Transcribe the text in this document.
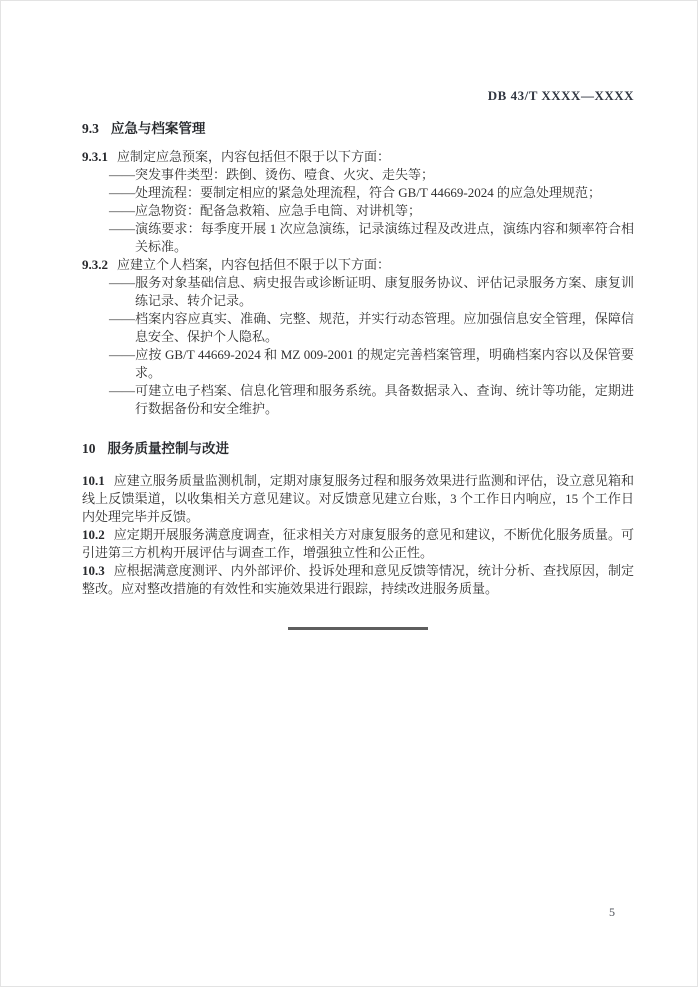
DB 43/T XXXX—XXXX
9.3 应急与档案管理
9.3.1 应制定应急预案，内容包括但不限于以下方面：
——突发事件类型：跌倒、烫伤、噎食、火灾、走失等；
——处理流程：要制定相应的紧急处理流程，符合 GB/T 44669-2024 的应急处理规范；
——应急物资：配备急救箱、应急手电筒、对讲机等；
——演练要求：每季度开展 1 次应急演练，记录演练过程及改进点，演练内容和频率符合相关标准。
9.3.2 应建立个人档案，内容包括但不限于以下方面：
——服务对象基础信息、病史报告或诊断证明、康复服务协议、评估记录服务方案、康复训练记录、转介记录。
——档案内容应真实、准确、完整、规范，并实行动态管理。应加强信息安全管理，保障信息安全、保护个人隐私。
——应按 GB/T 44669-2024 和 MZ 009-2001 的规定完善档案管理，明确档案内容以及保管要求。
——可建立电子档案、信息化管理和服务系统。具备数据录入、查询、统计等功能，定期进行数据备份和安全维护。
10 服务质量控制与改进
10.1 应建立服务质量监测机制，定期对康复服务过程和服务效果进行监测和评估，设立意见箱和线上反馈渠道，以收集相关方意见建议。对反馈意见建立台账，3 个工作日内响应，15 个工作日内处理完毕并反馈。
10.2 应定期开展服务满意度调查，征求相关方对康复服务的意见和建议，不断优化服务质量。可引进第三方机构开展评估与调查工作，增强独立性和公正性。
10.3 应根据满意度测评、内外部评价、投诉处理和意见反馈等情况，统计分析、查找原因，制定整改。应对整改措施的有效性和实施效果进行跟踪，持续改进服务质量。
5
